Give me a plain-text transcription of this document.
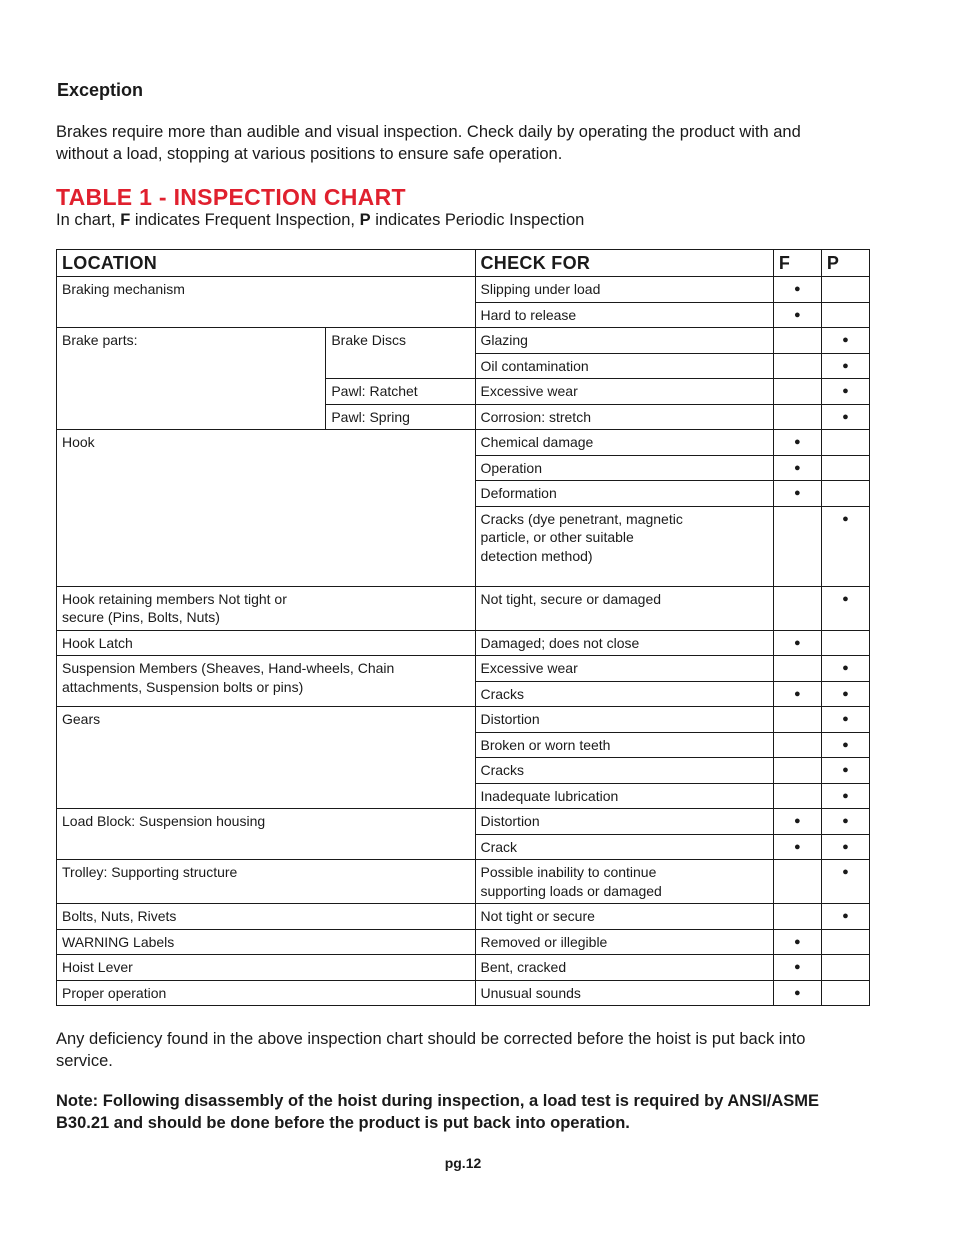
Exception
Brakes require more than audible and visual inspection. Check daily by operating the product with and without a load, stopping at various positions to ensure safe operation.
TABLE 1 - INSPECTION CHART
In chart, F indicates Frequent Inspection, P indicates Periodic Inspection
LOCATION		CHECK FOR	F	P
Braking mechanism		Slipping under load	●	
		Hard to release	●	
Brake parts:	Brake Discs	Glazing		●
		Oil contamination		●
	Pawl: Ratchet	Excessive wear		●
	Pawl: Spring	Corrosion: stretch		●
Hook		Chemical damage	●	
		Operation	●	
		Deformation	●	
		Cracks (dye penetrant, magnetic particle, or other suitable detection method)		●
Hook retaining members Not tight or secure (Pins, Bolts, Nuts)		Not tight, secure or damaged		●
Hook Latch		Damaged; does not close	●	
Suspension Members (Sheaves, Hand-wheels, Chain attachments, Suspension bolts or pins)		Excessive wear		●
		Cracks	●	●
Gears		Distortion		●
		Broken or worn teeth		●
		Cracks		●
		Inadequate lubrication		●
Load Block: Suspension housing		Distortion	●	●
		Crack	●	●
Trolley: Supporting structure		Possible inability to continue supporting loads or damaged		●
Bolts, Nuts, Rivets		Not tight or secure		●
WARNING Labels		Removed or illegible	●	
Hoist Lever		Bent, cracked	●	
Proper operation		Unusual sounds	●	
Any deficiency found in the above inspection chart should be corrected before the hoist is put back into service.
Note: Following disassembly of the hoist during inspection, a load test is required by ANSI/ASME B30.21 and should be done before the product is put back into operation.
pg.12
